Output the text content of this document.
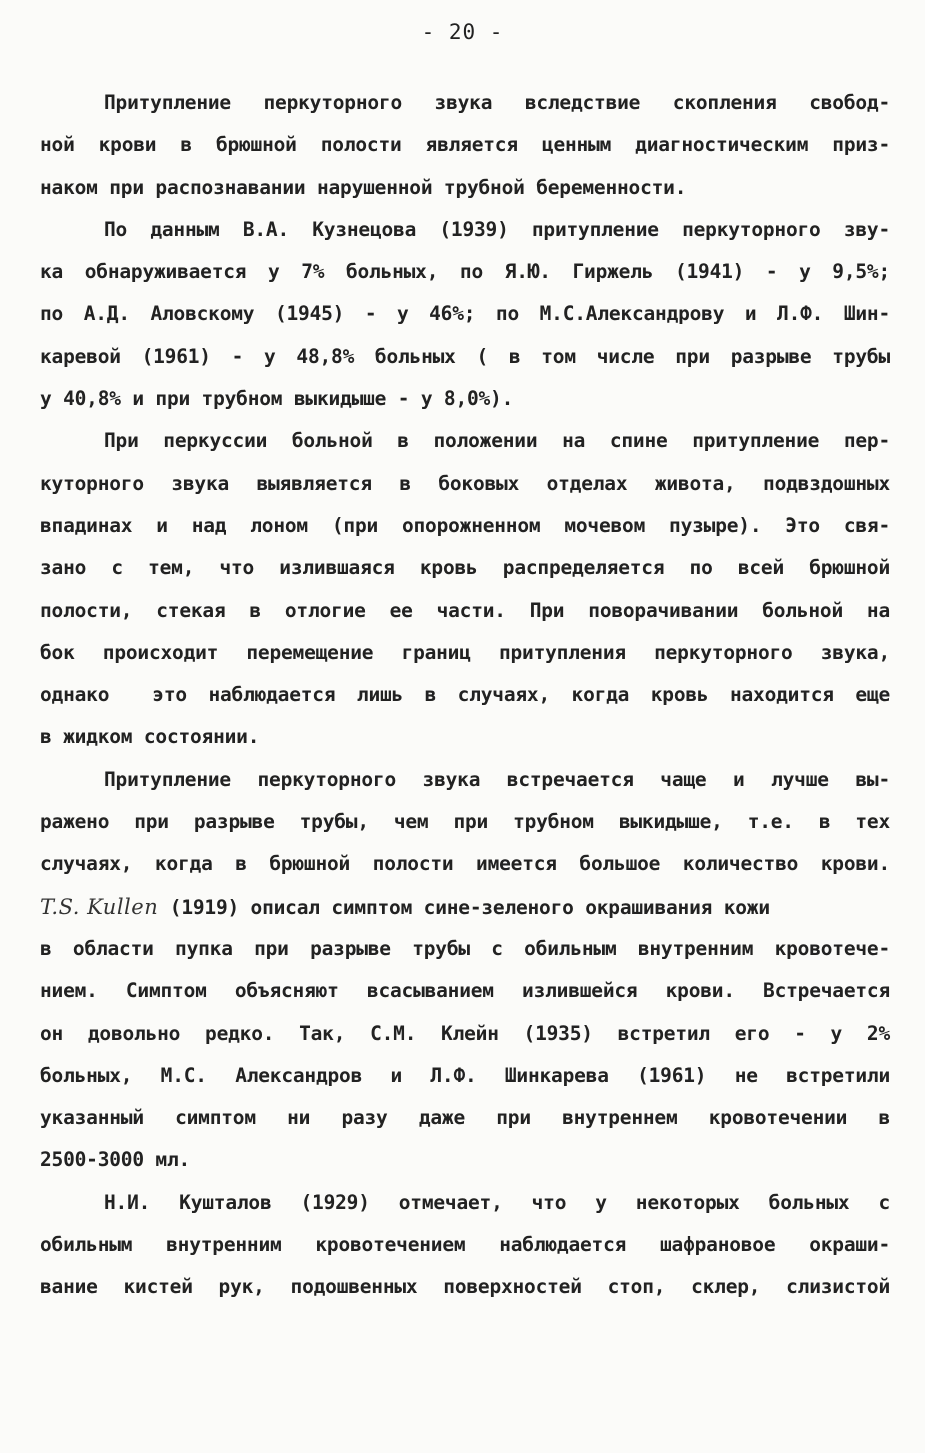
- 20 -
Притупление перкуторного звука вследствие скопления свобод-
ной крови в брюшной полости является ценным диагностическим приз-
наком при распознавании нарушенной трубной беременности.
По данным В.А. Кузнецова (1939) притупление перкуторного зву-
ка обнаруживается у 7% больных, по Я.Ю. Гиржель (1941) - у 9,5%;
по А.Д. Аловскому (1945) - у 46%; по М.С.Александрову и Л.Ф. Шин-
каревой (1961) - у 48,8% больных ( в том числе при разрыве трубы
у 40,8% и при трубном выкидыше - у 8,0%).
При перкуссии больной в положении на спине притупление пер-
куторного звука выявляется в боковых отделах живота, подвздошных
впадинах и над лоном (при опорожненном мочевом пузыре). Это свя-
зано с тем, что излившаяся кровь распределяется по всей брюшной
полости, стекая в отлогие ее части. При поворачивании больной на
бок происходит перемещение границ притупления перкуторного звука,
однако  это наблюдается лишь в случаях, когда кровь находится еще
в жидком состоянии.
Притупление перкуторного звука встречается чаще и лучше вы-
ражено при разрыве трубы, чем при трубном выкидыше, т.е. в тех
случаях, когда в брюшной полости имеется большое количество крови.
T.S. Kullen (1919) описал симптом сине-зеленого окрашивания кожи
в области пупка при разрыве трубы с обильным внутренним кровотече-
нием. Симптом объясняют всасыванием излившейся крови. Встречается
он довольно редко. Так, С.М. Клейн (1935) встретил его - у 2%
больных, М.С. Александров и Л.Ф. Шинкарева (1961) не встретили
указанный симптом ни разу даже при внутреннем кровотечении в
2500-3000 мл.
Н.И. Кушталов (1929) отмечает, что у некоторых больных с
обильным внутренним кровотечением наблюдается шафрановое окраши-
вание кистей рук, подошвенных поверхностей стоп, склер, слизистой
